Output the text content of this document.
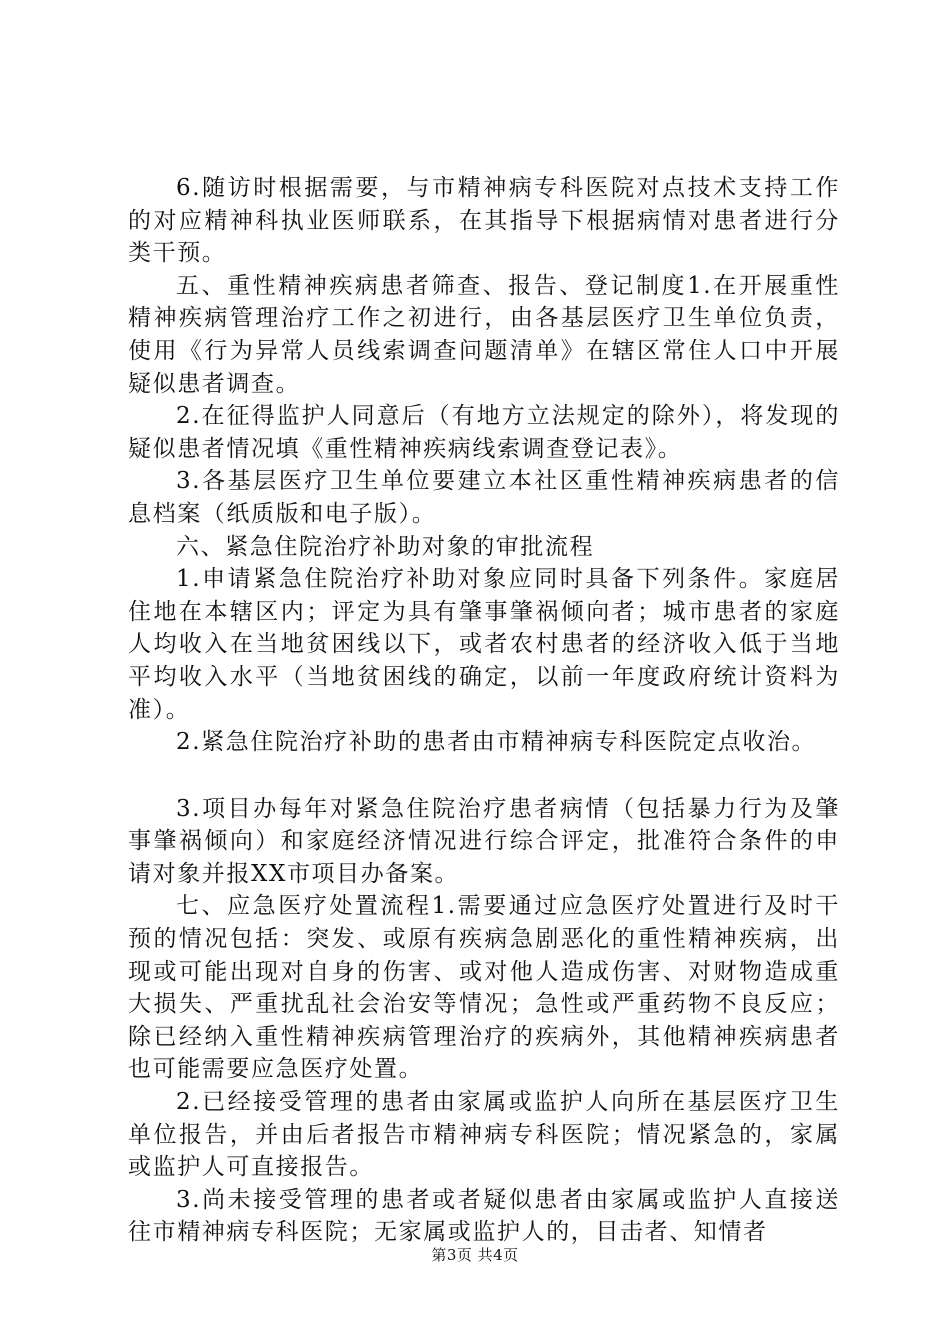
6.随访时根据需要，与市精神病专科医院对点技术支持工作的对应精神科执业医师联系，在其指导下根据病情对患者进行分类干预。

五、重性精神疾病患者筛查、报告、登记制度1.在开展重性精神疾病管理治疗工作之初进行，由各基层医疗卫生单位负责，使用《行为异常人员线索调查问题清单》在辖区常住人口中开展疑似患者调查。

2.在征得监护人同意后（有地方立法规定的除外），将发现的疑似患者情况填《重性精神疾病线索调查登记表》。

3.各基层医疗卫生单位要建立本社区重性精神疾病患者的信息档案（纸质版和电子版）。

六、紧急住院治疗补助对象的审批流程

1.申请紧急住院治疗补助对象应同时具备下列条件。家庭居住地在本辖区内；评定为具有肇事肇祸倾向者；城市患者的家庭人均收入在当地贫困线以下，或者农村患者的经济收入低于当地平均收入水平（当地贫困线的确定，以前一年度政府统计资料为准）。

2.紧急住院治疗补助的患者由市精神病专科医院定点收治。

3.项目办每年对紧急住院治疗患者病情（包括暴力行为及肇事肇祸倾向）和家庭经济情况进行综合评定，批准符合条件的申请对象并报XX市项目办备案。

七、应急医疗处置流程1.需要通过应急医疗处置进行及时干预的情况包括：突发、或原有疾病急剧恶化的重性精神疾病，出现或可能出现对自身的伤害、或对他人造成伤害、对财物造成重大损失、严重扰乱社会治安等情况；急性或严重药物不良反应；除已经纳入重性精神疾病管理治疗的疾病外，其他精神疾病患者也可能需要应急医疗处置。

2.已经接受管理的患者由家属或监护人向所在基层医疗卫生单位报告，并由后者报告市精神病专科医院；情况紧急的，家属或监护人可直接报告。

3.尚未接受管理的患者或者疑似患者由家属或监护人直接送往市精神病专科医院；无家属或监护人的，目击者、知情者

第3页 共4页
